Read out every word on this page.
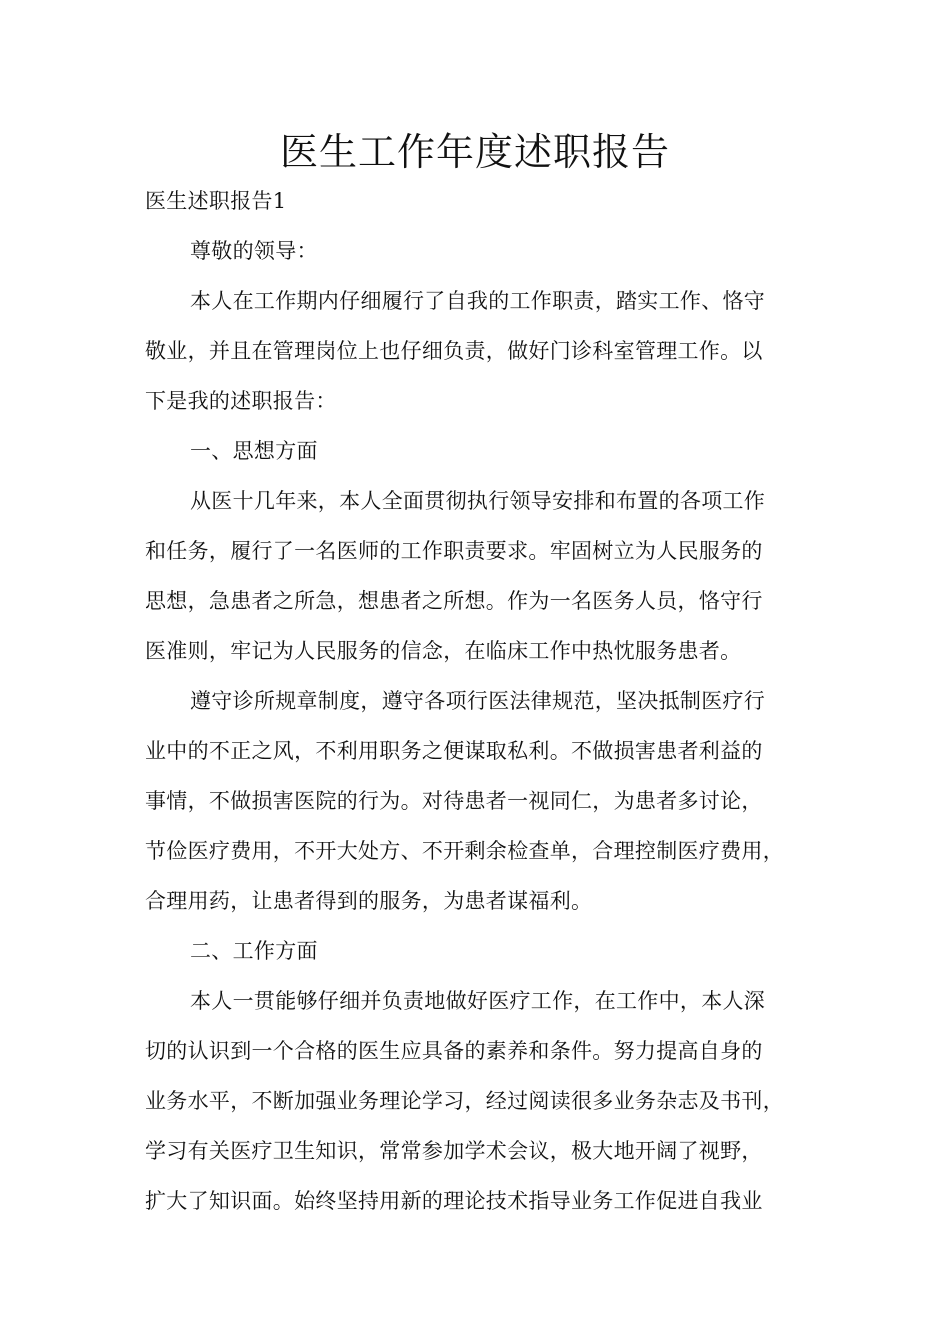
医生工作年度述职报告
医生述职报告1
尊敬的领导：
本人在工作期内仔细履行了自我的工作职责，踏实工作、恪守
敬业，并且在管理岗位上也仔细负责，做好门诊科室管理工作。以
下是我的述职报告：
一、思想方面
从医十几年来，本人全面贯彻执行领导安排和布置的各项工作
和任务，履行了一名医师的工作职责要求。牢固树立为人民服务的
思想，急患者之所急，想患者之所想。作为一名医务人员，恪守行
医准则，牢记为人民服务的信念，在临床工作中热忱服务患者。
遵守诊所规章制度，遵守各项行医法律规范，坚决抵制医疗行
业中的不正之风，不利用职务之便谋取私利。不做损害患者利益的
事情，不做损害医院的行为。对待患者一视同仁，为患者多讨论，
节俭医疗费用，不开大处方、不开剩余检查单，合理控制医疗费用，
合理用药，让患者得到的服务，为患者谋福利。
二、工作方面
本人一贯能够仔细并负责地做好医疗工作，在工作中，本人深
切的认识到一个合格的医生应具备的素养和条件。努力提高自身的
业务水平，不断加强业务理论学习，经过阅读很多业务杂志及书刊，
学习有关医疗卫生知识，常常参加学术会议，极大地开阔了视野，
扩大了知识面。始终坚持用新的理论技术指导业务工作促进自我业
